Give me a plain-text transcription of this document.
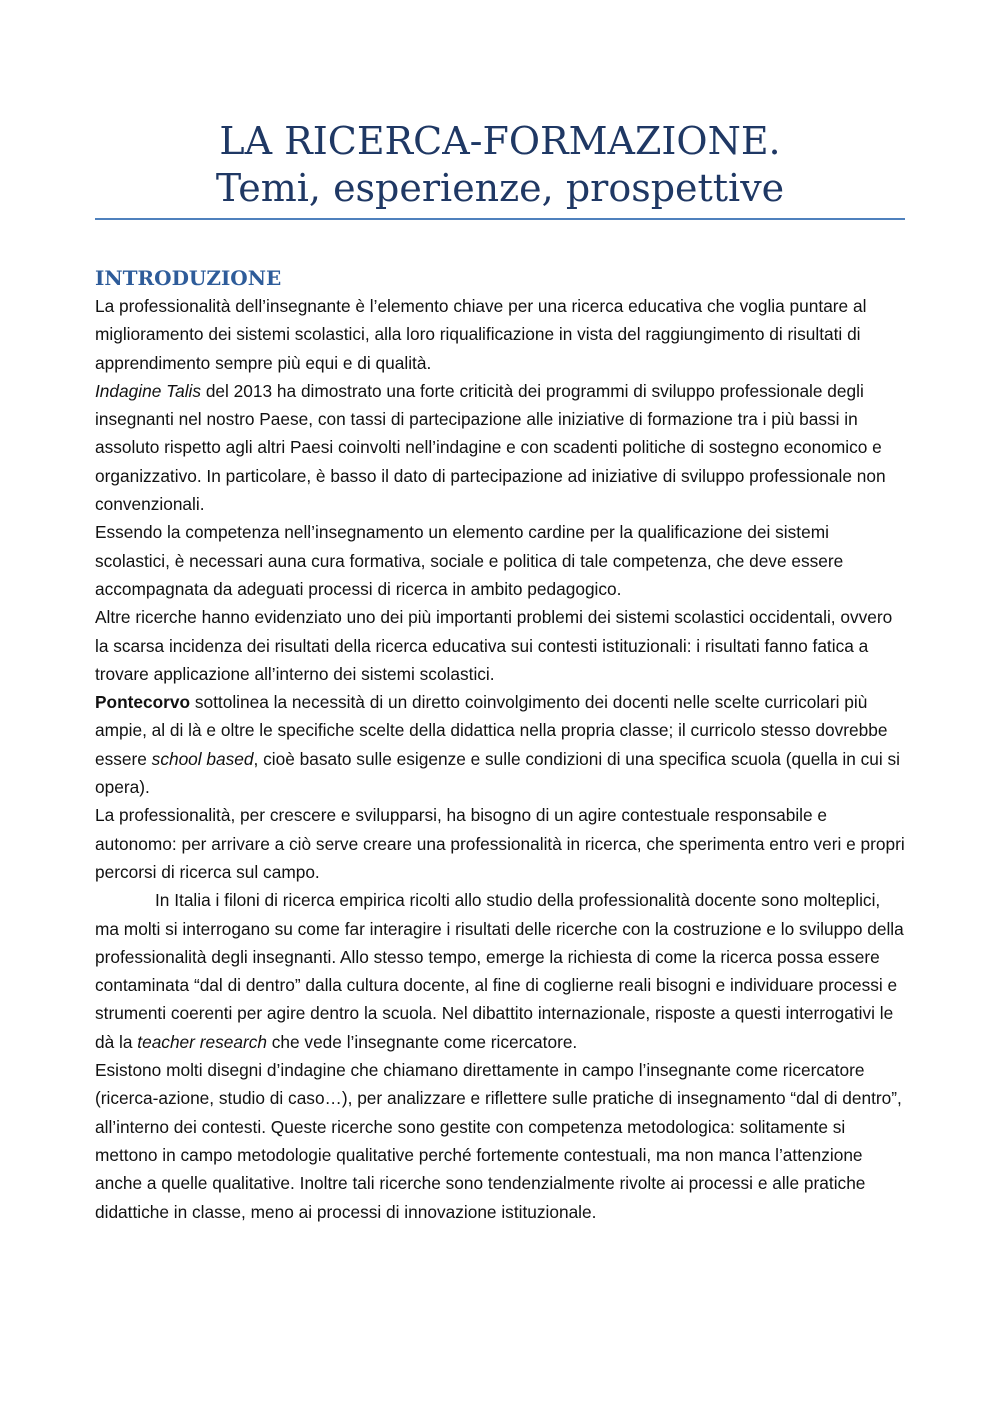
LA RICERCA-FORMAZIONE.
Temi, esperienze, prospettive
INTRODUZIONE

La professionalità dell’insegnante è l’elemento chiave per una ricerca educativa che voglia puntare al miglioramento dei sistemi scolastici, alla loro riqualificazione in vista del raggiungimento di risultati di apprendimento sempre più equi e di qualità.

Indagine Talis del 2013 ha dimostrato una forte criticità dei programmi di sviluppo professionale degli insegnanti nel nostro Paese, con tassi di partecipazione alle iniziative di formazione tra i più bassi in assoluto rispetto agli altri Paesi coinvolti nell’indagine e con scadenti politiche di sostegno economico e organizzativo. In particolare, è basso il dato di partecipazione ad iniziative di sviluppo professionale non convenzionali.

Essendo la competenza nell’insegnamento un elemento cardine per la qualificazione dei sistemi scolastici, è necessari auna cura formativa, sociale e politica di tale competenza, che deve essere accompagnata da adeguati processi di ricerca in ambito pedagogico.

Altre ricerche hanno evidenziato uno dei più importanti problemi dei sistemi scolastici occidentali, ovvero la scarsa incidenza dei risultati della ricerca educativa sui contesti istituzionali: i risultati fanno fatica a trovare applicazione all’interno dei sistemi scolastici.

Pontecorvo sottolinea la necessità di un diretto coinvolgimento dei docenti nelle scelte curricolari più ampie, al di là e oltre le specifiche scelte della didattica nella propria classe; il curricolo stesso dovrebbe essere school based, cioè basato sulle esigenze e sulle condizioni di una specifica scuola (quella in cui si opera).

La professionalità, per crescere e svilupparsi, ha bisogno di un agire contestuale responsabile e autonomo: per arrivare a ciò serve creare una professionalità in ricerca, che sperimenta entro veri e propri percorsi di ricerca sul campo.

In Italia i filoni di ricerca empirica ricolti allo studio della professionalità docente sono molteplici, ma molti si interrogano su come far interagire i risultati delle ricerche con la costruzione e lo sviluppo della professionalità degli insegnanti. Allo stesso tempo, emerge la richiesta di come la ricerca possa essere contaminata “dal di dentro” dalla cultura docente, al fine di coglierne reali bisogni e individuare processi e strumenti coerenti per agire dentro la scuola. Nel dibattito internazionale, risposte a questi interrogativi le dà la teacher research che vede l’insegnante come ricercatore.

Esistono molti disegni d’indagine che chiamano direttamente in campo l’insegnante come ricercatore (ricerca-azione, studio di caso…), per analizzare e riflettere sulle pratiche di insegnamento “dal di dentro”, all’interno dei contesti. Queste ricerche sono gestite con competenza metodologica: solitamente si mettono in campo metodologie qualitative perché fortemente contestuali, ma non manca l’attenzione anche a quelle qualitative. Inoltre tali ricerche sono tendenzialmente rivolte ai processi e alle pratiche didattiche in classe, meno ai processi di innovazione istituzionale.
